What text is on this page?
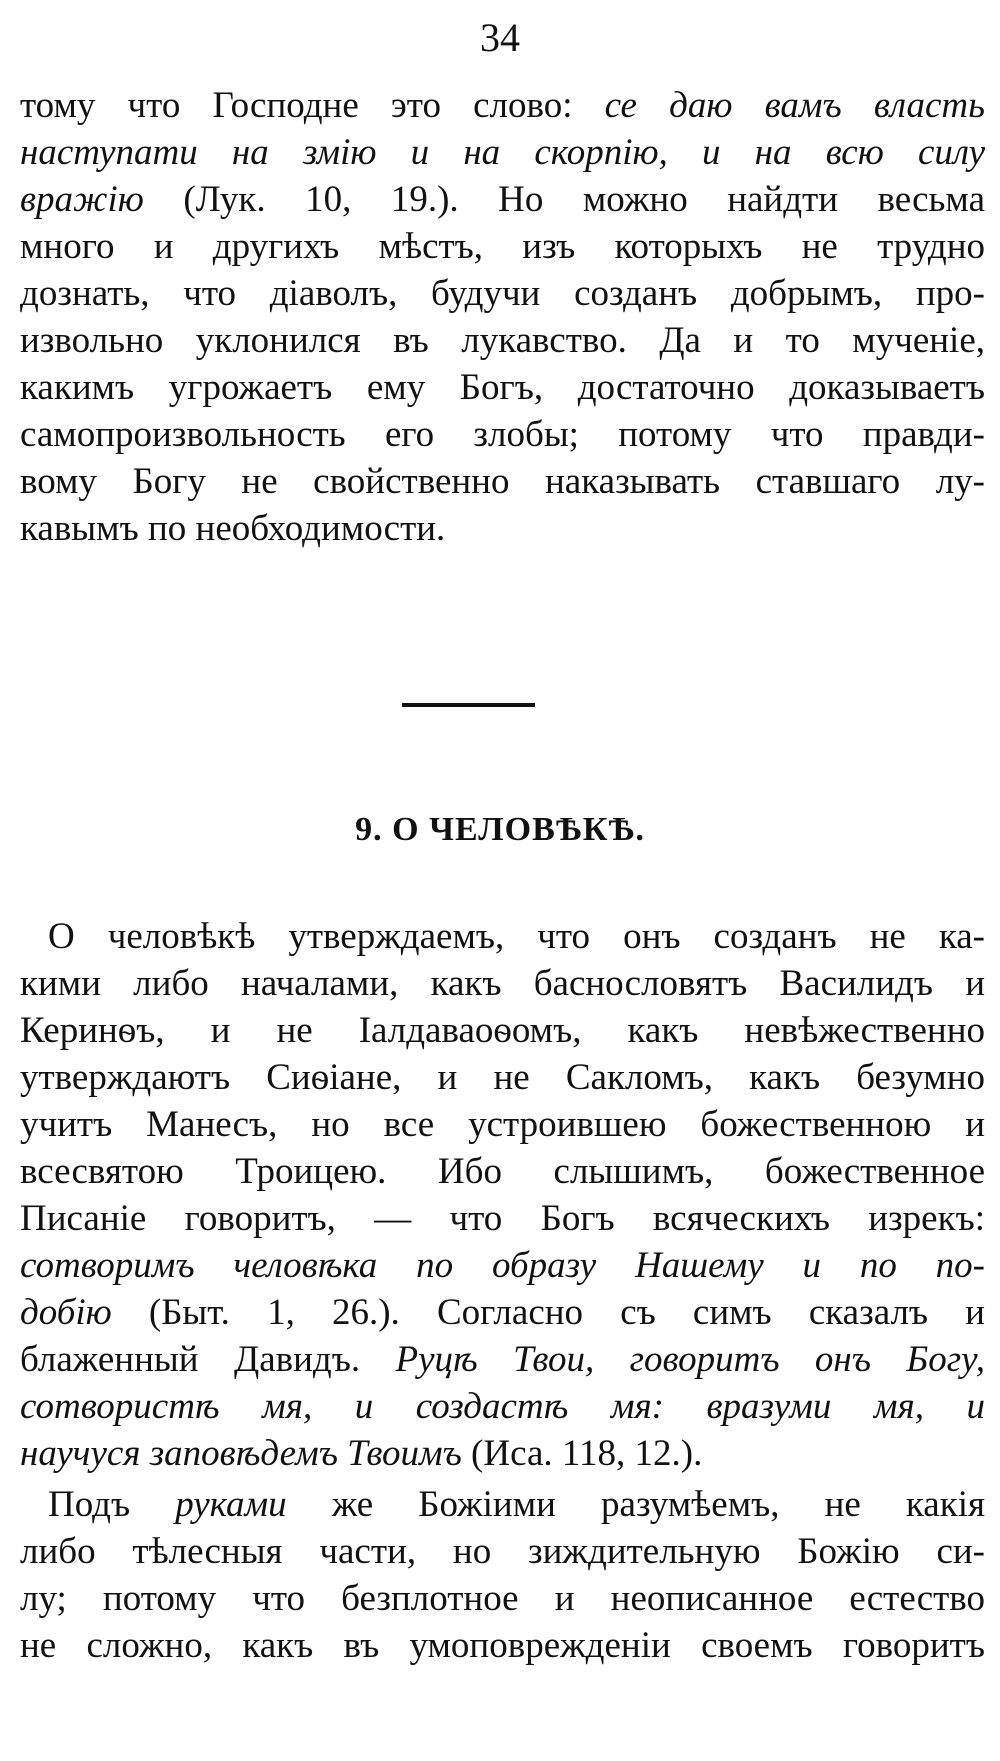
34
тому что Господне это слово: се даю вамъ власть
наступати на змію и на скорпію, и на всю силу
вражію (Лук. 10, 19.). Но можно найдти весьма
много и другихъ мѣстъ, изъ которыхъ не трудно
дознать, что діаволъ, будучи созданъ добрымъ, про-
извольно уклонился въ лукавство. Да и то мученіе,
какимъ угрожаетъ ему Богъ, достаточно доказываетъ
самопроизвольность его злобы; потому что правди-
вому Богу не свойственно наказывать ставшаго лу-
кавымъ по необходимости.
9. О ЧЕЛОВѢКѢ.
О человѣкѣ утверждаемъ, что онъ созданъ не ка-
кими либо началами, какъ баснословятъ Василидъ и
Керинѳъ, и не Іалдаваоѳомъ, какъ невѣжественно
утверждаютъ Сиѳіане, и не Сакломъ, какъ безумно
учитъ Манесъ, но все устроившею божественною и
всесвятою Троицею. Ибо слышимъ, божественное
Писаніе говоритъ, — что Богъ всяческихъ изрекъ:
сотворимъ человѣка по образу Нашему и по по-
добію (Быт. 1, 26.). Согласно съ симъ сказалъ и
блаженный Давидъ. Руцѣ Твои, говоритъ онъ Богу,
сотвористѣ мя, и создастѣ мя: вразуми мя, и
научуся заповѣдемъ Твоимъ (Иса. 118, 12.).
Подъ руками же Божіими разумѣемъ, не какія
либо тѣлесныя части, но зиждительную Божію си-
лу; потому что безплотное и неописанное естество
не сложно, какъ въ умоповрежденіи своемъ говоритъ
